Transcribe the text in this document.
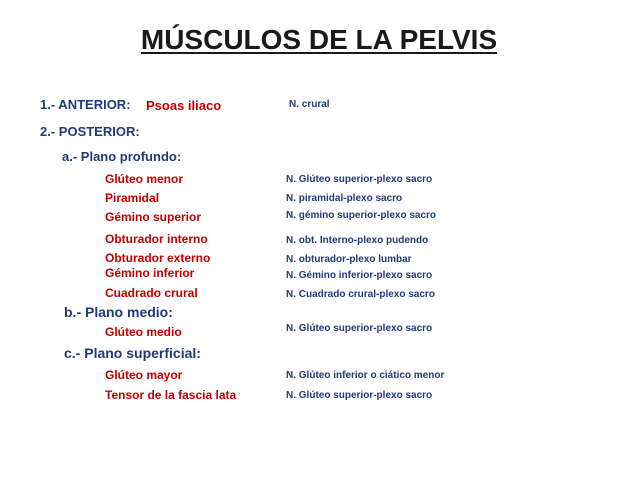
MÚSCULOS DE LA PELVIS
1.- ANTERIOR: Psoas iliaco	N. crural
2.- POSTERIOR:
a.- Plano profundo:
Glúteo menor	N. Glúteo superior-plexo sacro
Piramidal	N. piramidal-plexo sacro
Gémino superior	N. gémino superior-plexo sacro
Obturador interno	N. obt. Interno-plexo pudendo
Obturador externo	N. obturador-plexo lumbar
Gémino inferior	N. Gémino inferior-plexo sacro
Cuadrado crural	N. Cuadrado crural-plexo sacro
b.- Plano medio:
Glúteo medio	N. Glúteo superior-plexo sacro
c.- Plano superficial:
Glúteo mayor	N. Glúteo inferior o ciático menor
Tensor de la fascia lata	N. Glúteo superior-plexo sacro
